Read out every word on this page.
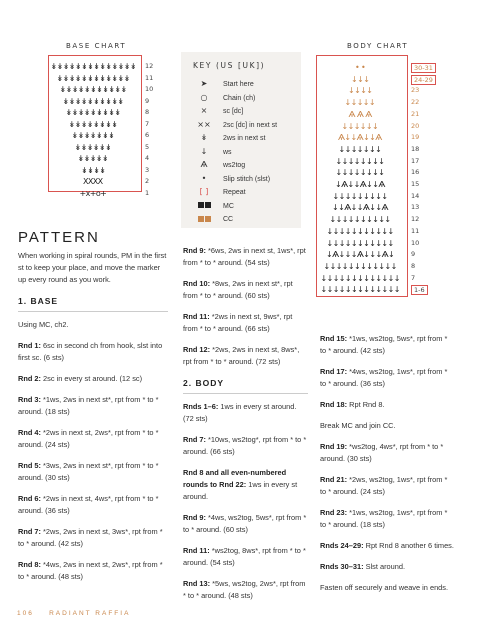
BASE CHART
↡↡↡↡↡↡↡↡↡↡↡↡↡↡ 12
↡↡↡↡↡↡↡↡↡↡↡↡ 11
↡↡↡↡↡↡↡↡↡↡↡	10
↡↡↡↡↡↡↡↡↡↡	9
↡↡↡↡↡↡↡↡↡	8
↡↡↡↡↡↡↡↡	7
↡↡↡↡↡↡↡	6
↡↡↡↡↡↡	5
↡↡↡↡↡	4
↡↡↡↡	3
XXXX	2
+x+o+	1
KEY (US [UK])
➤ Start here
○ Chain (ch)
× sc [dc]
×× 2sc [dc] in next st
↡ 2ws in next st
↓ ws
Ѧ ws2tog
• Slip stitch (slst)
[ ] Repeat
MC
CC
BODY CHART
• •	30-31
↓↓↓	24-29
↓↓↓↓	23
↓↓↓↓↓	22
Ѧ Ѧ Ѧ	21
↓↓↓↓↓↓	20
Ѧ↓↓Ѧ↓↓Ѧ	19
↓↓↓↓↓↓↓	18
↓↓↓↓↓↓↓↓	17
↓↓↓↓↓↓↓↓	16
↓Ѧ↓↓Ѧ↓↓Ѧ	15
↓↓↓↓↓↓↓↓↓	14
↓↓Ѧ↓↓Ѧ↓↓Ѧ	13
↓↓↓↓↓↓↓↓↓↓	12
↓↓↓↓↓↓↓↓↓↓↓	11
↓↓↓↓↓↓↓↓↓↓↓	10
↓Ѧ↓↓↓Ѧ↓↓↓Ѧ↓	9
↓↓↓↓↓↓↓↓↓↓↓↓ 8
↓↓↓↓↓↓↓↓↓↓↓↓↓ 7
↓↓↓↓↓↓↓↓↓↓↓↓↓	1-6
PATTERN

When working in spiral rounds, PM in the first st to keep your place, and move the marker up every round as you work.

1. BASE

Using MC, ch2.

Rnd 1: 6sc in second ch from hook, slst into first sc. (6 sts)

Rnd 2: 2sc in every st around. (12 sc)

Rnd 3: *1ws, 2ws in next st*, rpt from * to * around. (18 sts)

Rnd 4: *2ws in next st, 2ws*, rpt from * to * around. (24 sts)

Rnd 5: *3ws, 2ws in next st*, rpt from * to * around. (30 sts)

Rnd 6: *2ws in next st, 4ws*, rpt from * to * around. (36 sts)

Rnd 7: *2ws, 2ws in next st, 3ws*, rpt from * to * around. (42 sts)

Rnd 8: *4ws, 2ws in next st, 2ws*, rpt from * to * around. (48 sts)

Rnd 9: *6ws, 2ws in next st, 1ws*, rpt from * to * around. (54 sts)

Rnd 10: *8ws, 2ws in next st*, rpt from * to * around. (60 sts)

Rnd 11: *2ws in next st, 9ws*, rpt from * to * around. (66 sts)

Rnd 12: *2ws, 2ws in next st, 8ws*, rpt from * to * around. (72 sts)

2. BODY

Rnds 1–6: 1ws in every st around. (72 sts)

Rnd 7: *10ws, ws2tog*, rpt from * to * around. (66 sts)

Rnd 8 and all even-numbered rounds to Rnd 22: 1ws in every st around.

Rnd 9: *4ws, ws2tog, 5ws*, rpt from * to * around. (60 sts)

Rnd 11: *ws2tog, 8ws*, rpt from * to * around. (54 sts)

Rnd 13: *5ws, ws2tog, 2ws*, rpt from * to * around. (48 sts)

Rnd 15: *1ws, ws2tog, 5ws*, rpt from * to * around. (42 sts)

Rnd 17: *4ws, ws2tog, 1ws*, rpt from * to * around. (36 sts)

Rnd 18: Rpt Rnd 8.

Break MC and join CC.

Rnd 19: *ws2tog, 4ws*, rpt from * to * around. (30 sts)

Rnd 21: *2ws, ws2tog, 1ws*, rpt from * to * around. (24 sts)

Rnd 23: *1ws, ws2tog, 1ws*, rpt from * to * around. (18 sts)

Rnds 24–29: Rpt Rnd 8 another 6 times.

Rnds 30–31: Slst around.

Fasten off securely and weave in ends.

106 RADIANT RAFFIA
